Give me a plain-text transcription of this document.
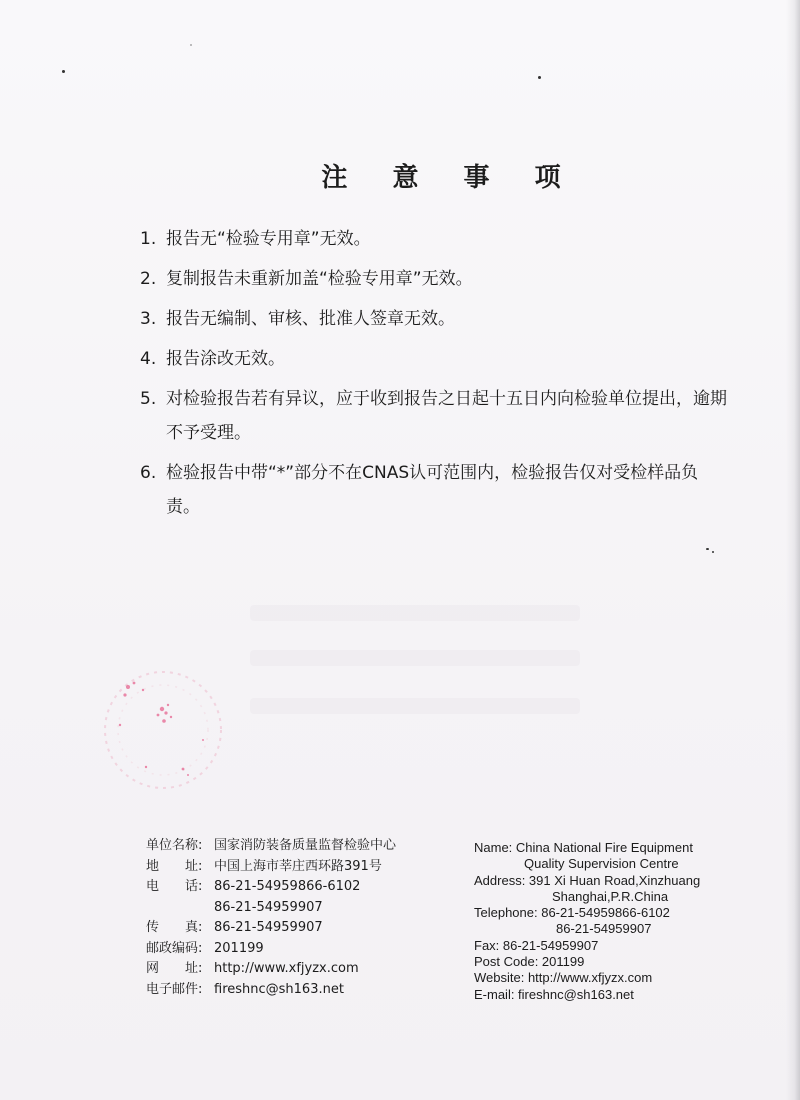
注 意 事 项
1. 报告无“检验专用章”无效。
2. 复制报告未重新加盖“检验专用章”无效。
3. 报告无编制、审核、批准人签章无效。
4. 报告涂改无效。
5. 对检验报告若有异议，应于收到报告之日起十五日内向检验单位提出，逾期不予受理。
6. 检验报告中带“*”部分不在CNAS认可范围内，检验报告仅对受检样品负责。
单位名称: 国家消防装备质量监督检验中心
地　　址: 中国上海市莘庄西环路391号
电　　话: 86-21-54959866-6102
86-21-54959907
传　　真: 86-21-54959907
邮政编码: 201199
网　　址: http://www.xfjyzx.com
电子邮件: fireshnc@sh163.net
Name: China National Fire Equipment
Quality Supervision Centre
Address: 391 Xi Huan Road,Xinzhuang
Shanghai,P.R.China
Telephone: 86-21-54959866-6102
86-21-54959907
Fax: 86-21-54959907
Post Code: 201199
Website: http://www.xfjyzx.com
E-mail: fireshnc@sh163.net
